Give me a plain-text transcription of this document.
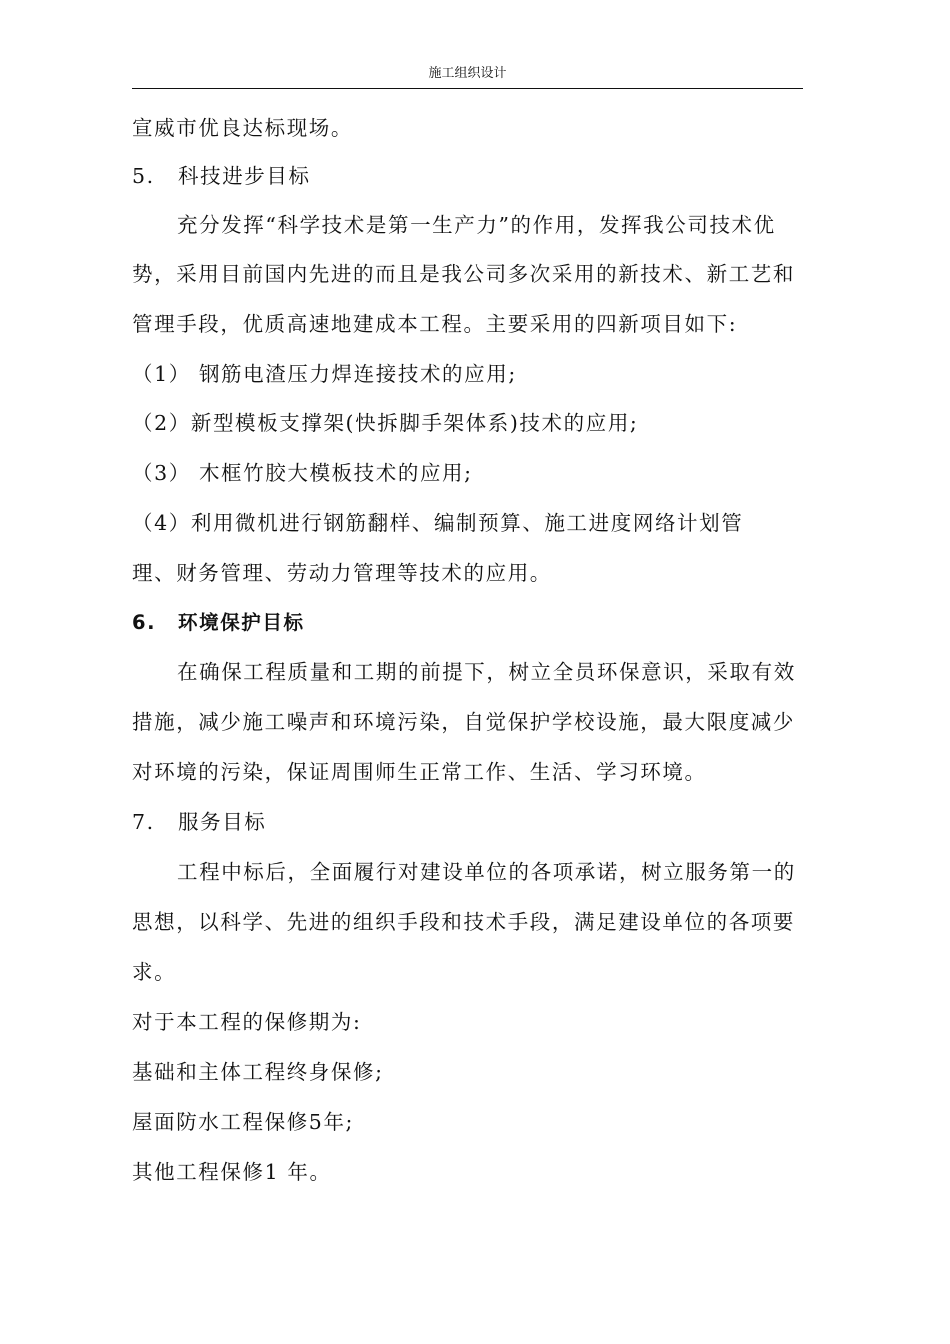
施工组织设计
宣威市优良达标现场。
5. 科技进步目标
充分发挥“科学技术是第一生产力”的作用，发挥我公司技术优
势，采用目前国内先进的而且是我公司多次采用的新技术、新工艺和
管理手段，优质高速地建成本工程。主要采用的四新项目如下:
（1） 钢筋电渣压力焊连接技术的应用;
（2）新型模板支撑架(快拆脚手架体系)技术的应用;
（3） 木框竹胶大模板技术的应用;
（4）利用微机进行钢筋翻样、编制预算、施工进度网络计划管
理、财务管理、劳动力管理等技术的应用。
6. 环境保护目标
在确保工程质量和工期的前提下，树立全员环保意识，采取有效
措施，减少施工噪声和环境污染，自觉保护学校设施，最大限度减少
对环境的污染，保证周围师生正常工作、生活、学习环境。
7. 服务目标
工程中标后，全面履行对建设单位的各项承诺，树立服务第一的
思想，以科学、先进的组织手段和技术手段，满足建设单位的各项要
求。
对于本工程的保修期为:
基础和主体工程终身保修;
屋面防水工程保修5年;
其他工程保修1 年。
